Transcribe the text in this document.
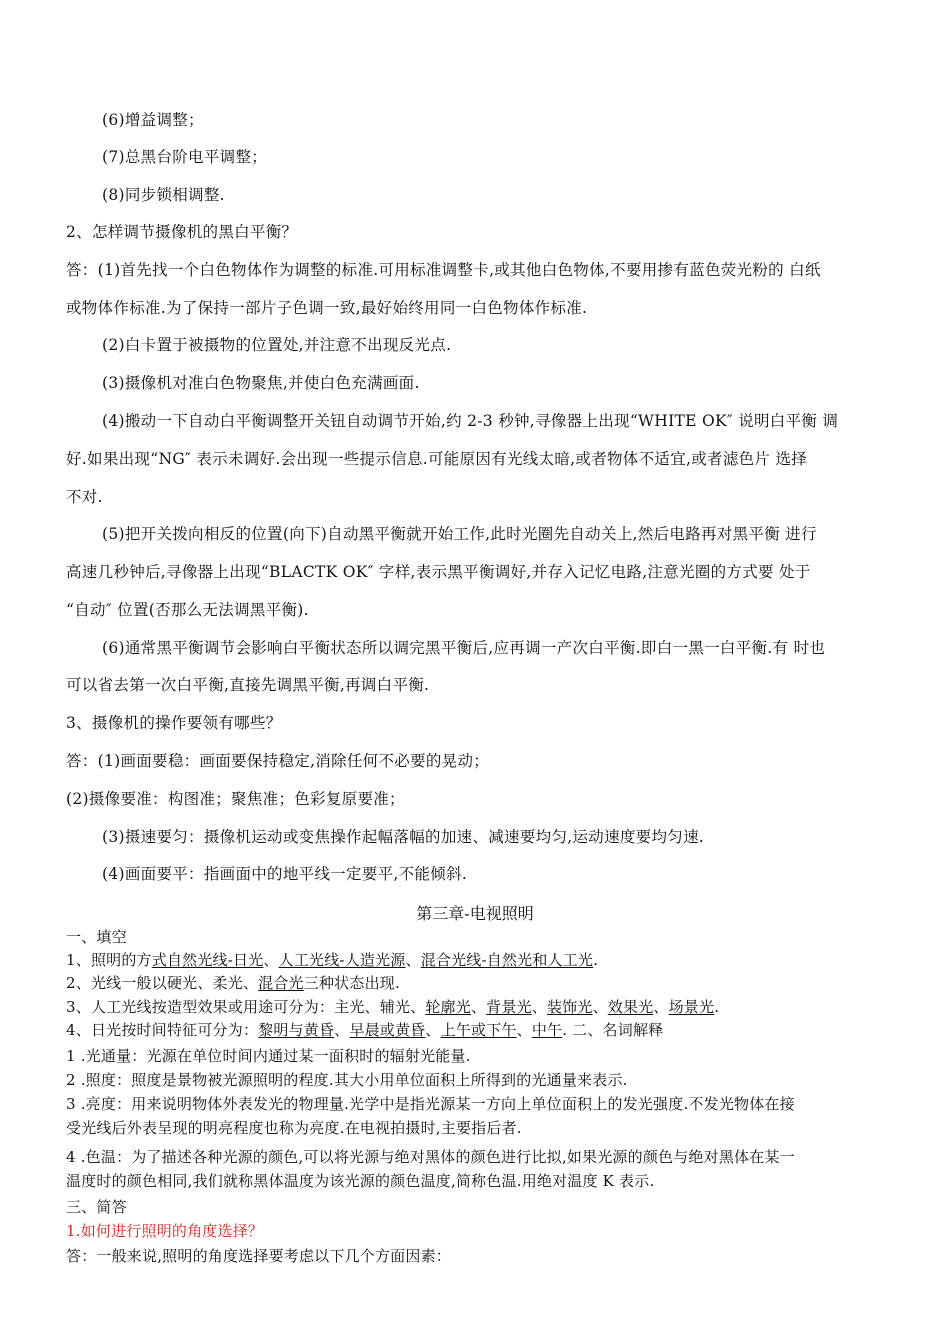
(6)增益调整；
(7)总黑台阶电平调整；
(8)同步锁相调整.
2、怎样调节摄像机的黑白平衡？
答：(1)首先找一个白色物体作为调整的标准.可用标准调整卡,或其他白色物体,不要用掺有蓝色荧光粉的 白纸
或物体作标准.为了保持一部片子色调一致,最好始终用同一白色物体作标准.
(2)白卡置于被摄物的位置处,并注意不出现反光点.
(3)摄像机对准白色物聚焦,并使白色充满画面.
(4)搬动一下自动白平衡调整开关钮自动调节开始,约 2-3 秒钟,寻像器上出现“WHITE OK″ 说明白平衡 调
好.如果出现“NG″ 表示未调好.会出现一些提示信息.可能原因有光线太暗,或者物体不适宜,或者滤色片 选择
不对.
(5)把开关拨向相反的位置(向下)自动黑平衡就开始工作,此时光圈先自动关上,然后电路再对黑平衡 进行
高速几秒钟后,寻像器上出现“BLACTK OK″ 字样,表示黑平衡调好,并存入记忆电路,注意光圈的方式要 处于
“自动″ 位置(否那么无法调黑平衡).
(6)通常黑平衡调节会影响白平衡状态所以调完黑平衡后,应再调一产次白平衡.即白一黑一白平衡.有 时也
可以省去第一次白平衡,直接先调黑平衡,再调白平衡.
3、摄像机的操作要领有哪些？
答：(1)画面要稳：画面要保持稳定,消除任何不必要的晃动；
(2)摄像要准：构图准；聚焦准；色彩复原要准；
(3)摄速要匀：摄像机运动或变焦操作起幅落幅的加速、减速要均匀,运动速度要均匀速.
(4)画面要平：指画面中的地平线一定要平,不能倾斜.
第三章-电视照明
一、填空
1、照明的方式自然光线-日光、人工光线-人造光源、混合光线-自然光和人工光.
2、光线一般以硬光、柔光、混合光三种状态出现.
3、人工光线按造型效果或用途可分为：主光、辅光、轮廓光、背景光、装饰光、效果光、场景光.
4、日光按时间特征可分为：黎明与黄昏、早晨或黄昏、上午或下午、中午. 二、名词解释
1 .光通量：光源在单位时间内通过某一面积时的辐射光能量.
2 .照度：照度是景物被光源照明的程度.其大小用单位面积上所得到的光通量来表示.
3 .亮度：用来说明物体外表发光的物理量.光学中是指光源某一方向上单位面积上的发光强度.不发光物体在接
受光线后外表呈现的明亮程度也称为亮度.在电视拍摄时,主要指后者.
4 .色温：为了描述各种光源的颜色,可以将光源与绝对黑体的颜色进行比拟,如果光源的颜色与绝对黑体在某一
温度时的颜色相同,我们就称黑体温度为该光源的颜色温度,简称色温.用绝对温度 K 表示.
三、简答
1.如何进行照明的角度选择？
答：一般来说,照明的角度选择要考虑以下几个方面因素：
